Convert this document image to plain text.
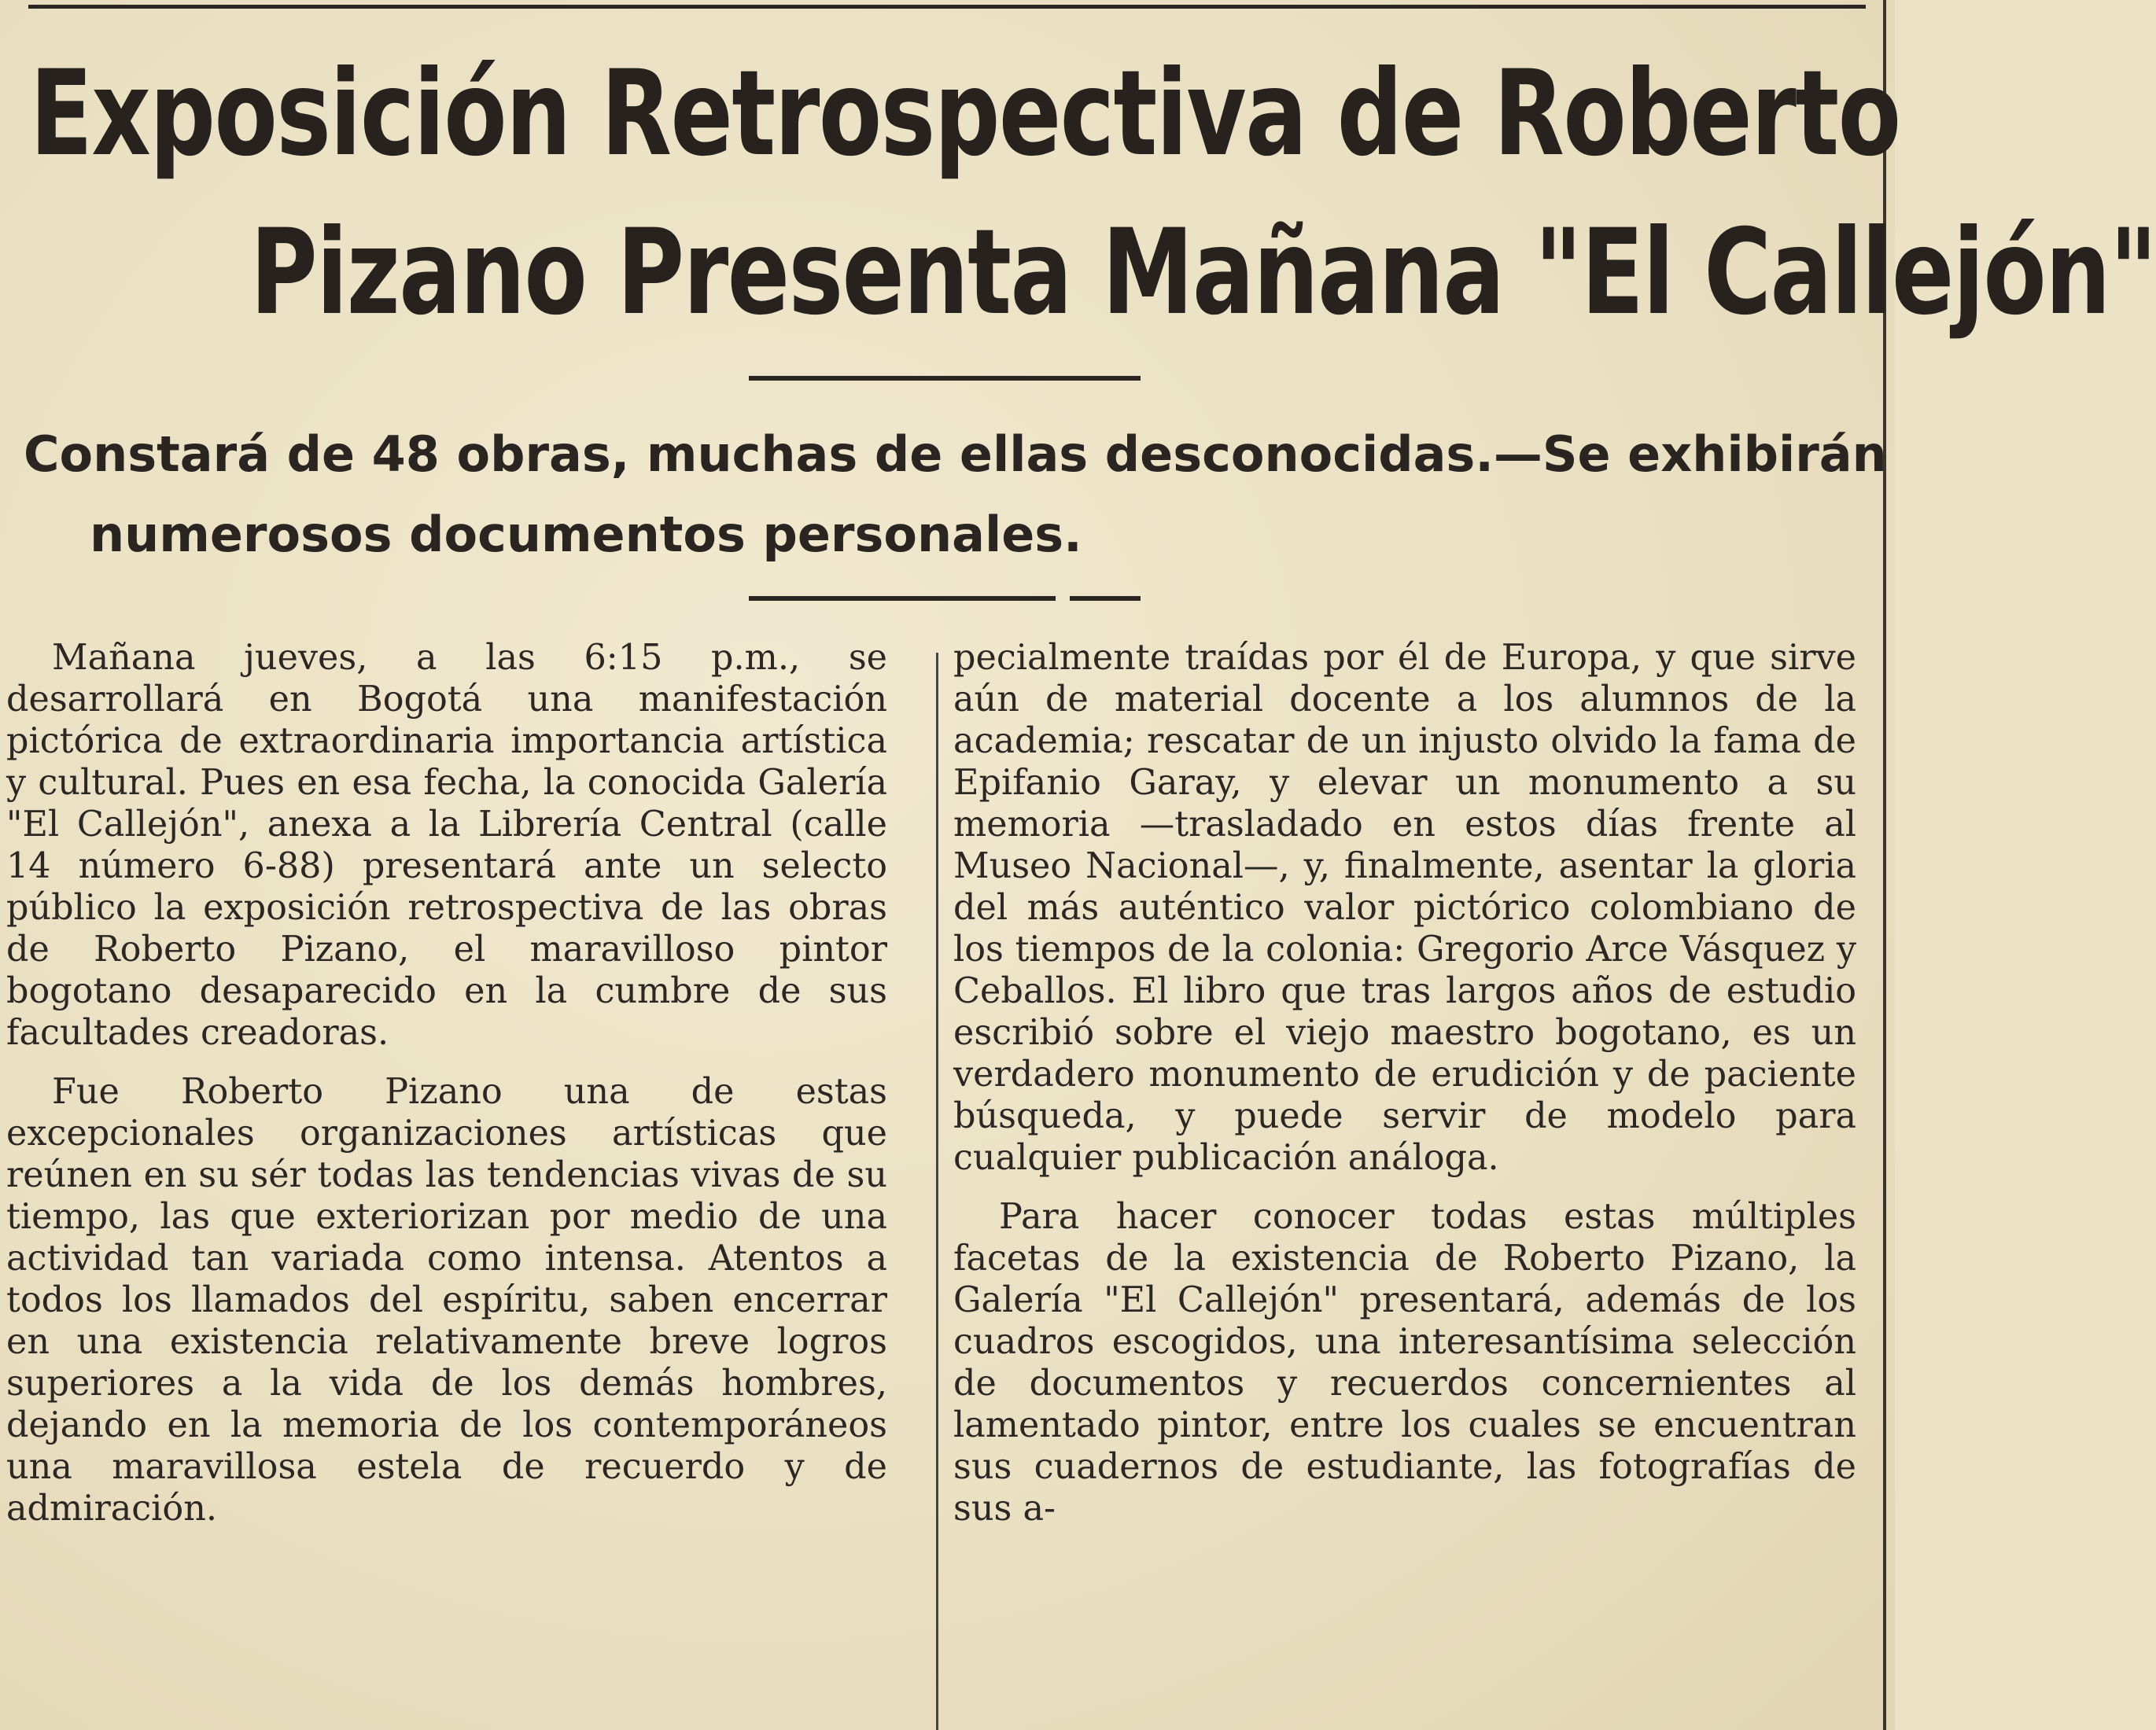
Exposición Retrospectiva de Roberto
Pizano Presenta Mañana "El Callejón"
Constará de 48 obras, muchas de ellas desconocidas.—Se exhibirán
numerosos documentos personales.

Mañana jueves, a las 6:15 p.m., se desarrollará en Bogotá una manifestación pictórica de extraordinaria importancia artística y cultural. Pues en esa fecha, la conocida Galería "El Callejón", anexa a la Librería Central (calle 14 número 6-88) presentará ante un selecto público la exposición retrospectiva de las obras de Roberto Pizano, el maravilloso pintor bogotano desaparecido en la cumbre de sus facultades creadoras.

Fue Roberto Pizano una de estas excepcionales organizaciones artísticas que reúnen en su sér todas las tendencias vivas de su tiempo, las que exteriorizan por medio de una actividad tan variada como intensa. Atentos a todos los llamados del espíritu, saben encerrar en una existencia relativamente breve logros superiores a la vida de los demás hombres, dejando en la memoria de los contemporáneos una maravillosa estela de recuerdo y de admiración.

pecialmente traídas por él de Europa, y que sirve aún de material docente a los alumnos de la academia; rescatar de un injusto olvido la fama de Epifanio Garay, y elevar un monumento a su memoria —trasladado en estos días frente al Museo Nacional—, y, finalmente, asentar la gloria del más auténtico valor pictórico colombiano de los tiempos de la colonia: Gregorio Arce Vásquez y Ceballos. El libro que tras largos años de estudio escribió sobre el viejo maestro bogotano, es un verdadero monumento de erudición y de paciente búsqueda, y puede servir de modelo para cualquier publicación análoga.

Para hacer conocer todas estas múltiples facetas de la existencia de Roberto Pizano, la Galería "El Callejón" presentará, además de los cuadros escogidos, una interesantísima selección de documentos y recuerdos concernientes al lamentado pintor, entre los cuales se encuentran sus cuadernos de estudiante, las fotografías de sus a-
